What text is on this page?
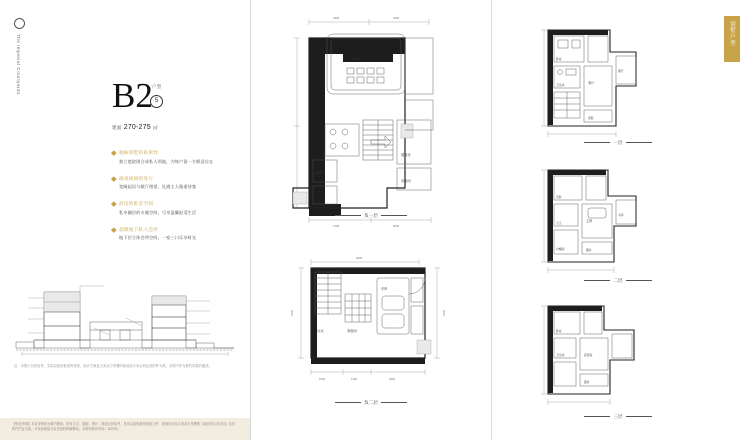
The Imperial Courtyards
B2 户型
5
建面 270-275 ㎡
独栋别墅的私密性
独立庭院围合成私人领地，为每户留一方惬意自在
挑高挑阔的客厅
宽阔起居与敞厅相望，礼遇主人隆重待客
舒适的卧室空间
私享圈层的专属空间，尽享温馨舒适生活
超级地下私人会所
地下层立体会所空间，一家三口乐享时光
注：本图示仅供参考，实际以政府批准的规划、设计方案及买卖双方签署的商品房买卖合同及其附件为准，本图不作为要约或要约邀请。

【免责声明】本宣传资料为要约邀请，所有文字、数据、图片、图表仅供参考，具体以政府最终批准文件、规划设计及买卖双方签署的《商品房买卖合同》及其附件约定为准。开发商保留对宣传资料的解释权，本资料制作时间：2023年。

3300	4200
影音室
健身房
设备间
储藏间
2700	6600
负一层
4000
2400	2400
车库
家政间
卫生间
1500	1300	4000
负二层
别墅户型
卧室
卫生间	客厅
餐厅
庭院
一层
次卧
主卫	主卧
书房
衣帽间	露台
二层
卧室
卫生间	起居室
露台
三层
